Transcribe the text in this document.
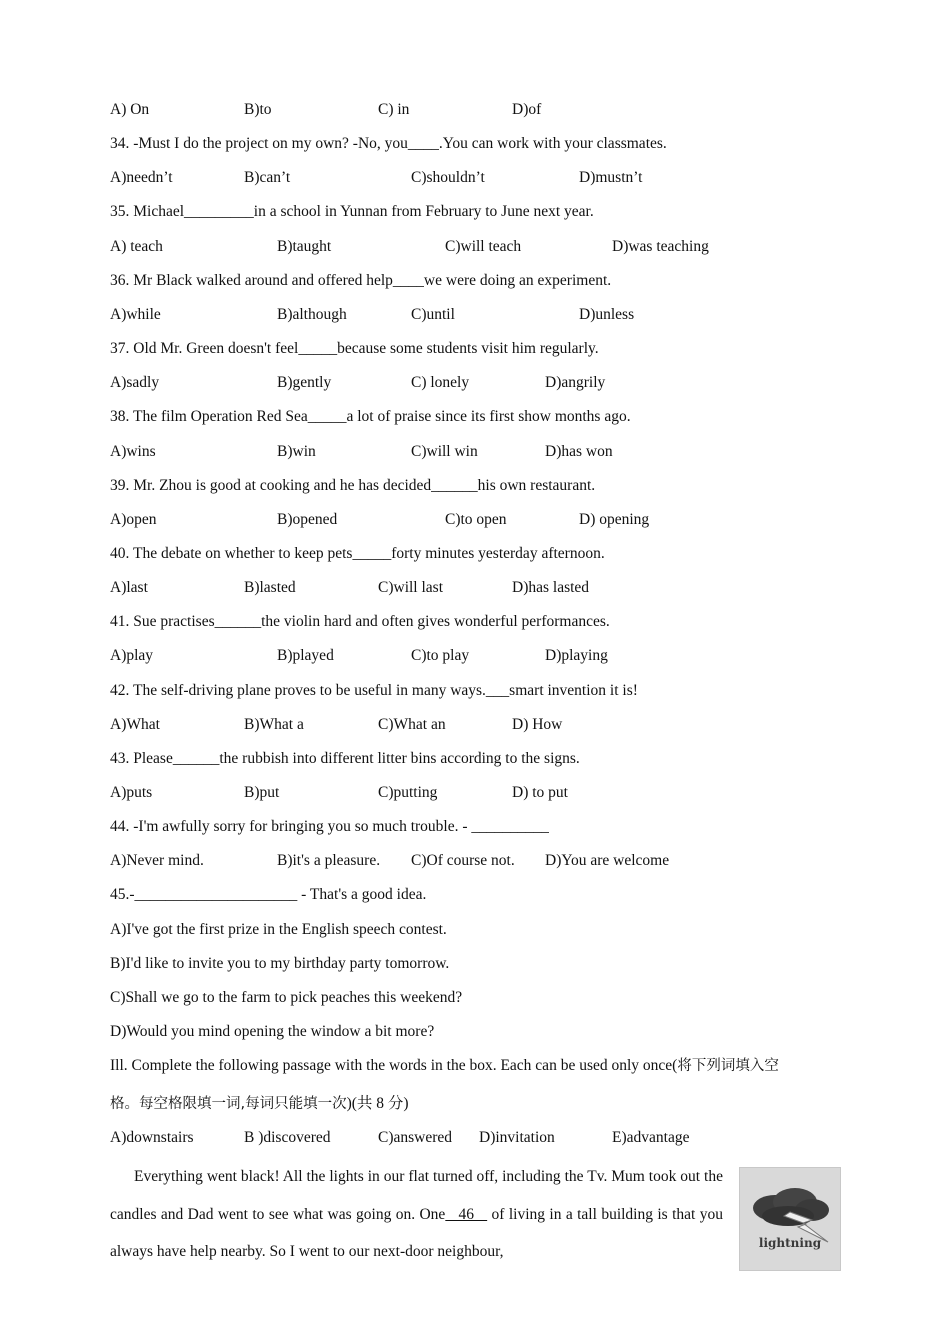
A) On	B)to	C) in	D)of
34. -Must I do the project on my own? -No, you____.You can work with your classmates.
A)needn’t	B)can’t	C)shouldn’t	D)mustn’t
35. Michael_________in a school in Yunnan from February to June next year.
A) teach	B)taught	C)will teach	D)was teaching
36. Mr Black walked around and offered help____we were doing an experiment.
A)while	B)although	C)until	D)unless
37. Old Mr. Green doesn't feel_____because some students visit him regularly.
A)sadly	B)gently	C) lonely	D)angrily
38. The film Operation Red Sea_____a lot of praise since its first show months ago.
A)wins	B)win	C)will win	D)has won
39. Mr. Zhou is good at cooking and he has decided______his own restaurant.
A)open	B)opened	C)to open	D) opening
40. The debate on whether to keep pets_____forty minutes yesterday afternoon.
A)last	B)lasted	C)will last	D)has lasted
41. Sue practises______the violin hard and often gives wonderful performances.
A)play	B)played	C)to play	D)playing
42. The self-driving plane proves to be useful in many ways.___smart invention it is!
A)What	B)What a	C)What an	D) How
43. Please______the rubbish into different litter bins according to the signs.
A)puts	B)put	C)putting	D) to put
44. -I'm awfully sorry for bringing you so much trouble. - __________
A)Never mind.	B)it's a pleasure. C)Of course not. D)You are welcome
45.-_____________________ - That's a good idea.
A)I've got the first prize in the English speech contest.
B)I'd like to invite you to my birthday party tomorrow.
C)Shall we go to the farm to pick peaches this weekend?
D)Would you mind opening the window a bit more?
Ill. Complete the following passage with the words in the box. Each can be used only once(将下列词填入空
格。每空格限填一词,每词只能填一次)(共 8 分)
A)downstairs	B )discovered	C)answered D)invitation	E)advantage
Everything went black! All the lights in our flat turned off, including the Tv. Mum took out the candles and Dad went to see what was going on. One   46    of living in a tall building is that you always have help nearby. So I went to our next-door neighbour,	lightning
